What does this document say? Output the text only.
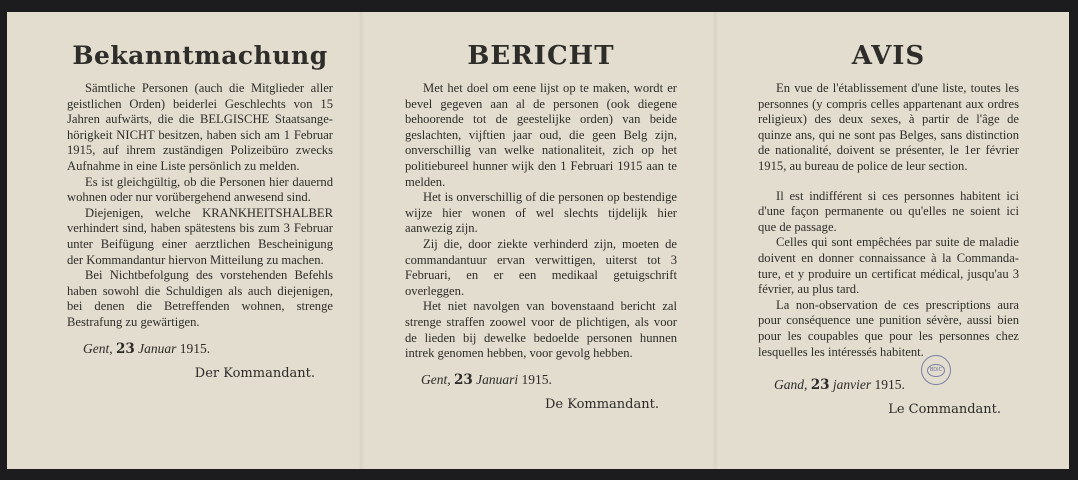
Bekanntmachung

Sämtliche Personen (auch die Mitglieder aller geistlichen Orden) beiderlei Geschlechts von 15 Jahren aufwärts, die die BELGISCHE Staatsangehörigkeit NICHT besitzen, haben sich am 1 Februar 1915, auf ihrem zuständigen Polizeibüro zwecks Aufnahme in eine Liste persönlich zu melden.

Es ist gleichgültig, ob die Personen hier dauernd wohnen oder nur vorübergehend anwesend sind.

Diejenigen, welche KRANKHEITSHALBER verhindert sind, haben spätestens bis zum 3 Februar unter Beifügung einer aerztlichen Bescheinigung der Kommandantur hiervon Mitteilung zu machen.

Bei Nichtbefolgung des vorstehenden Befehls haben sowohl die Schuldigen als auch diejenigen, bei denen die Betreffenden wohnen, strenge Bestrafung zu gewärtigen.

Gent, 23 Januar 1915.
Der Kommandant.
BERICHT

Met het doel om eene lijst op te maken, wordt er bevel gegeven aan al de personen (ook diegene behoorende tot de geestelijke orden) van beide geslachten, vijftien jaar oud, die geen Belg zijn, onverschillig van welke nationaliteit, zich op het politiebureel hunner wijk den 1 Februari 1915 aan te melden.

Het is onverschillig of die personen op bestendige wijze hier wonen of wel slechts tijdelijk hier aanwezig zijn.

Zij die, door ziekte verhinderd zijn, moeten de commandantuur ervan verwittigen, uiterst tot 3 Februari, en er een medikaal getuigschrift overleggen.

Het niet navolgen van bovenstaand bericht zal strenge straffen zoowel voor de plichtigen, als voor de lieden bij dewelke bedoelde personen hunnen intrek genomen hebben, voor gevolg hebben.

Gent, 23 Januari 1915.
De Kommandant.
AVIS

En vue de l'établissement d'une liste, toutes les personnes (y compris celles appartenant aux ordres religieux) des deux sexes, à partir de l'âge de quinze ans, qui ne sont pas Belges, sans distinction de nationalité, doivent se présenter, le 1er février 1915, au bureau de police de leur section.

Il est indifférent si ces personnes habitent ici d'une façon permanente ou qu'elles ne soient ici que de passage.

Celles qui sont empêchées par suite de maladie doivent en donner connaissance à la Commandature, et y produire un certificat médical, jusqu'au 3 février, au plus tard.

La non-observation de ces prescriptions aura pour conséquence une punition sévère, aussi bien pour les coupables que pour les personnes chez lesquelles les intéressés habitent.

Gand, 23 janvier 1915.
Le Commandant.
BDIC
